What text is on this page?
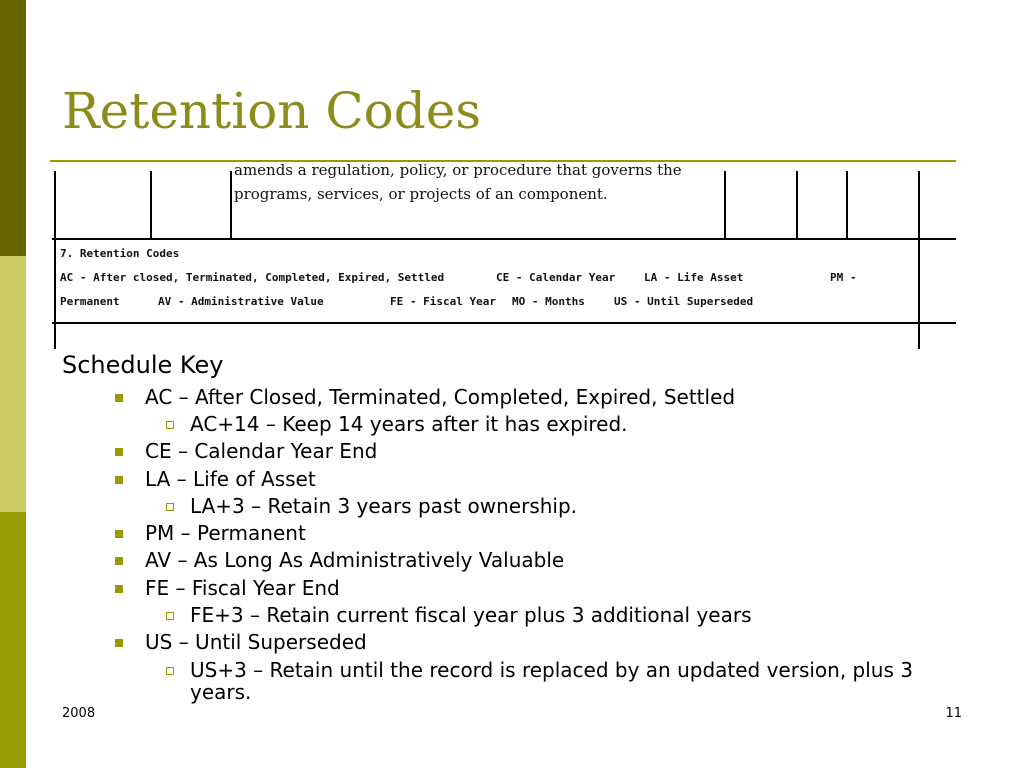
Retention Codes
amends a regulation, policy, or procedure that governs the
programs, services, or projects of an component.
7. Retention Codes
AC - After closed, Terminated, Completed, Expired, Settled	CE - Calendar Year	LA - Life Asset	PM -
Permanent	AV - Administrative Value	FE - Fiscal Year MO - Months	US - Until Superseded
Schedule Key
AC – After Closed, Terminated, Completed, Expired, Settled
AC+14 – Keep 14 years after it has expired.
CE – Calendar Year End
LA – Life of Asset
LA+3 – Retain 3 years past ownership.
PM – Permanent
AV – As Long As Administratively Valuable
FE – Fiscal Year End
FE+3 – Retain current fiscal year plus 3 additional years
US – Until Superseded
US+3 – Retain until the record is replaced by an updated version, plus 3 years.
2008	11
